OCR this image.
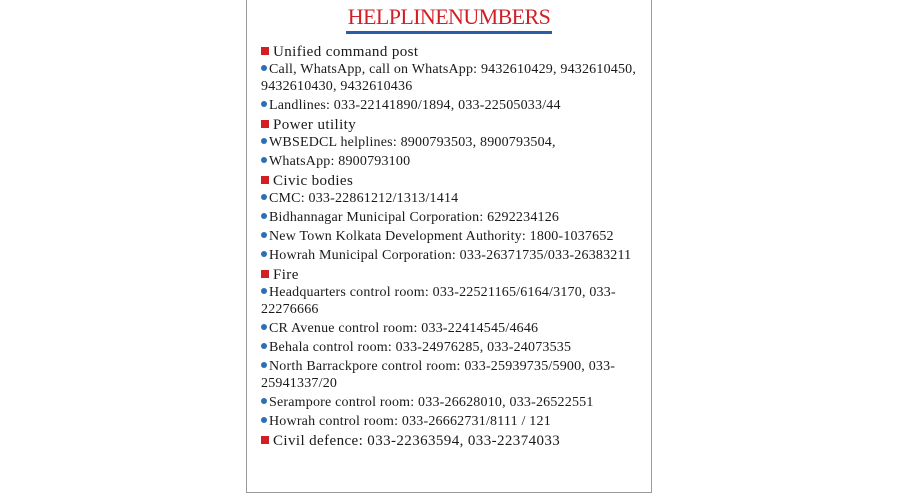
HELPLINENUMBERS
Unified command post
Call, WhatsApp, call on WhatsApp: 9432610429, 9432610450, 9432610430, 9432610436
Landlines: 033-22141890/1894, 033-22505033/44
Power utility
WBSEDCL helplines: 8900793503, 8900793504,
WhatsApp: 8900793100
Civic bodies
CMC: 033-22861212/1313/1414
Bidhannagar Municipal Corporation: 6292234126
New Town Kolkata Development Authority: 1800-1037652
Howrah Municipal Corporation: 033-26371735/033-26383211
Fire
Headquarters control room: 033-22521165/6164/3170, 033-22276666
CR Avenue control room: 033-22414545/4646
Behala control room: 033-24976285, 033-24073535
North Barrackpore control room: 033-25939735/5900, 033-25941337/20
Serampore control room: 033-26628010, 033-26522551
Howrah control room: 033-26662731/8111 / 121
Civil defence: 033-22363594, 033-22374033
